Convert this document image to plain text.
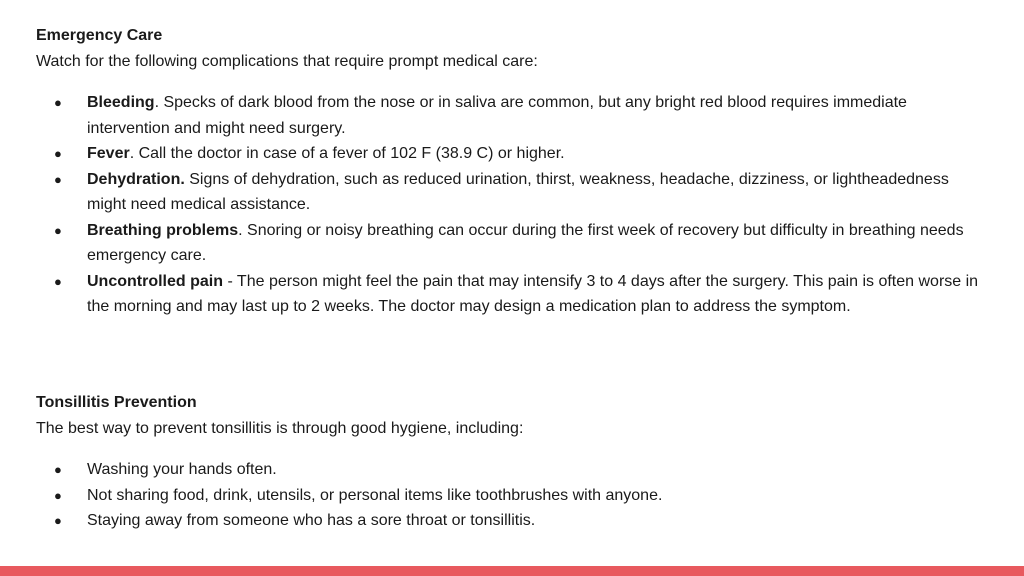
Emergency Care

Watch for the following complications that require prompt medical care:

● Bleeding. Specks of dark blood from the nose or in saliva are common, but any bright red blood requires immediate intervention and might need surgery.
● Fever. Call the doctor in case of a fever of 102 F (38.9 C) or higher.
● Dehydration. Signs of dehydration, such as reduced urination, thirst, weakness, headache, dizziness, or lightheadedness might need medical assistance.
● Breathing problems. Snoring or noisy breathing can occur during the first week of recovery but difficulty in breathing needs emergency care.
● Uncontrolled pain - The person might feel the pain that may intensify 3 to 4 days after the surgery. This pain is often worse in the morning and may last up to 2 weeks. The doctor may design a medication plan to address the symptom.

Tonsillitis Prevention

The best way to prevent tonsillitis is through good hygiene, including:

● Washing your hands often.
● Not sharing food, drink, utensils, or personal items like toothbrushes with anyone.
● Staying away from someone who has a sore throat or tonsillitis.
